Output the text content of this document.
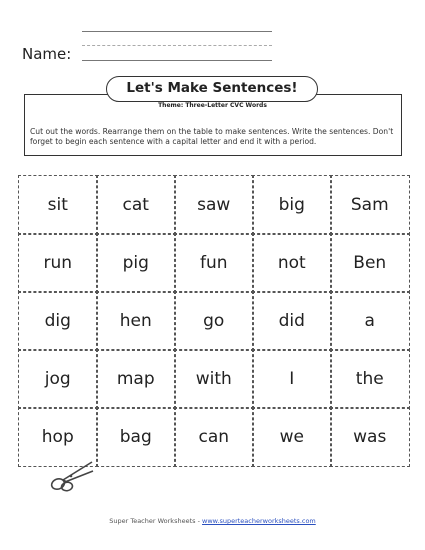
Name:
Let's Make Sentences!
Theme: Three-Letter CVC Words
Cut out the words. Rearrange them on the table to make sentences. Write the sentences. Don't forget to begin each sentence with a capital letter and end it with a period.
sit	cat	saw	big	Sam
run	pig	fun	not	Ben
dig	hen	go	did	a
jog	map	with	I	the
hop	bag	can	we	was
Super Teacher Worksheets - www.superteacherworksheets.com
